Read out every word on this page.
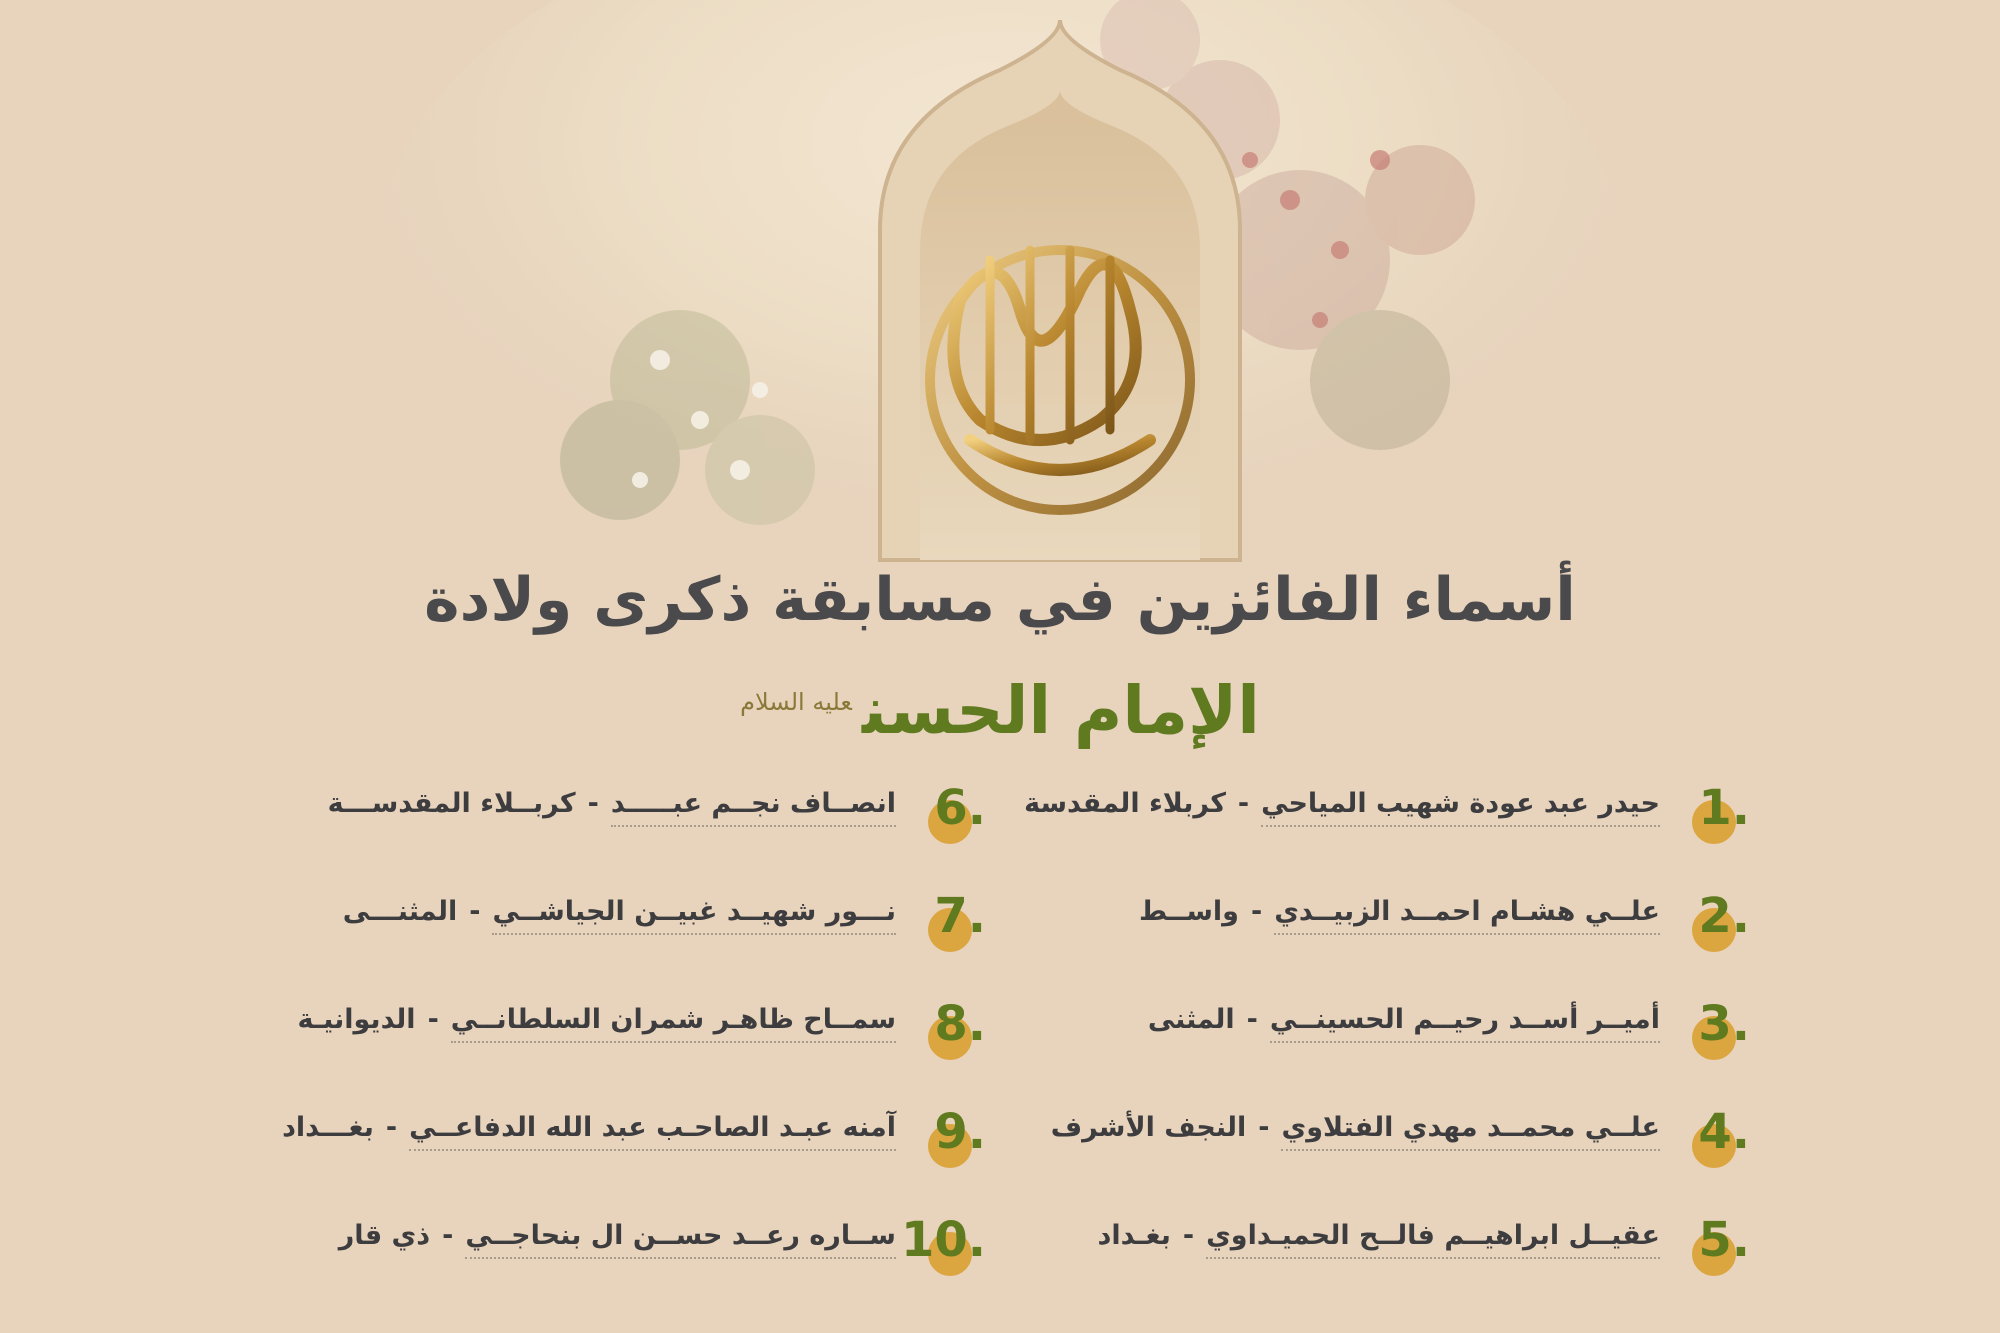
أسماء الفائزين في مسابقة ذكرى ولادة
الإمام الحسن$^{عليه السلام}$
1.
حيدر عبد عودة شهيب المياحي-كربلاء المقدسة
2.
علــي هشـام احمــد الزبيــدي-واســط
3.
أميــر أســد رحيــم الحسينــي-المثنى
4.
علــي محمــد مهدي الفتلاوي-النجف الأشرف
5.
عقيــل ابراهيــم فالــح الحميـداوي-بغـداد
6.
انصــاف نجــم عبـــــد-كربــلاء المقدســـة
7.
نـــور شهيــد غبيــن الجياشــي-المثنـــى
8.
سمــاح ظاهـر شمران السلطانــي-الديوانيـة
9.
آمنه عبـد الصاحـب عبد الله الدفاعــي-بغـــداد
10.
ســاره رعــد حســن ال بنحاجــي-ذي قار
